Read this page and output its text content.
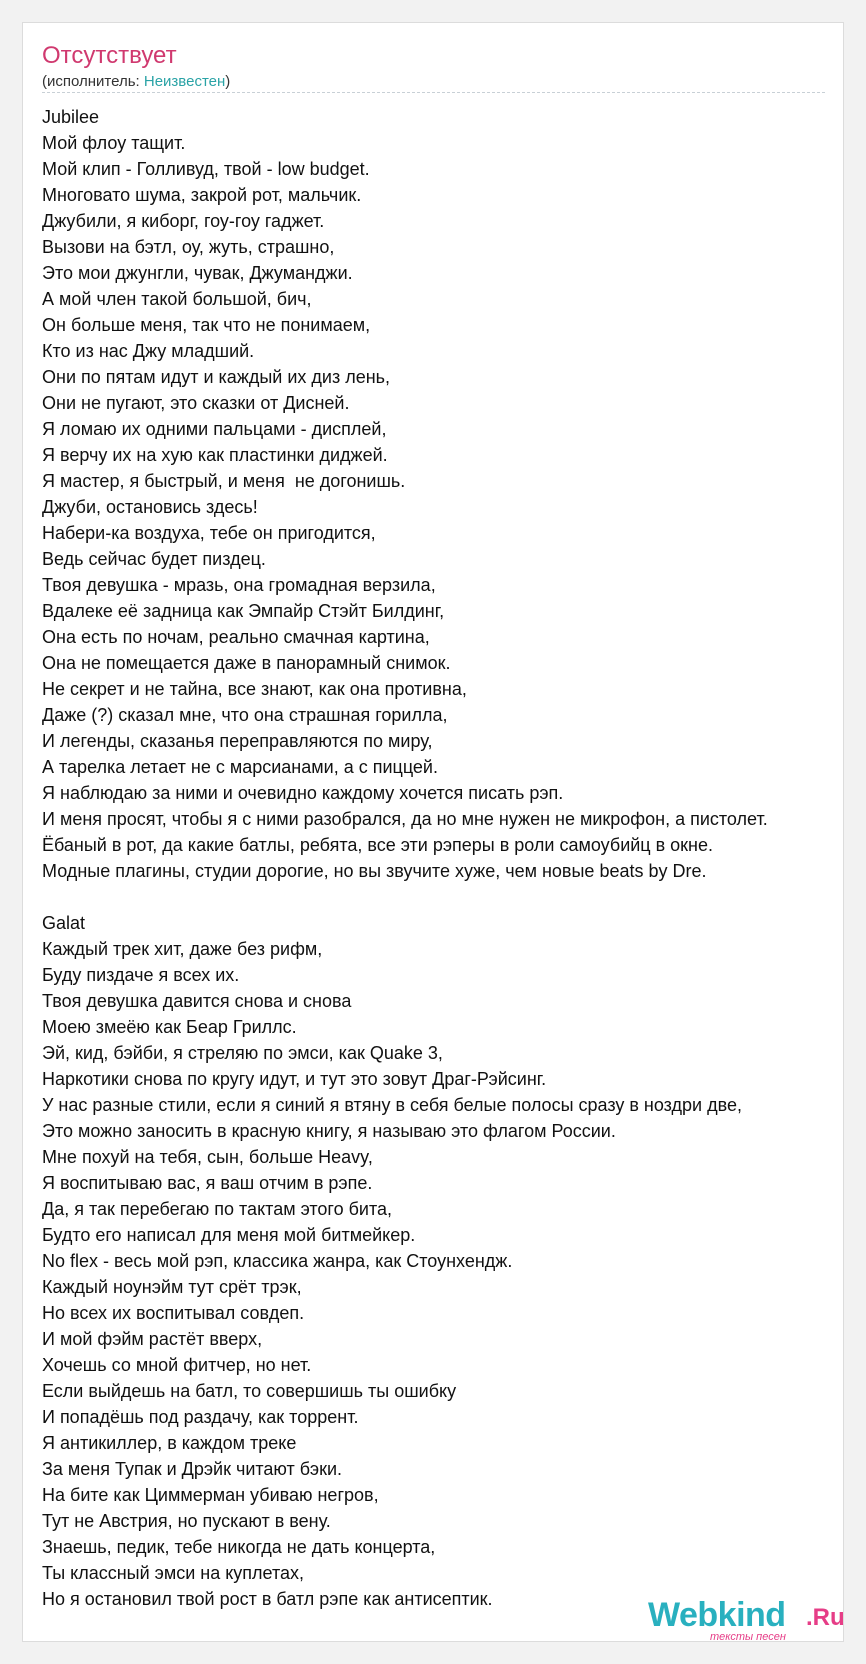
Отсутствует
(исполнитель: Неизвестен)
Jubilee
Мой флоу тащит.
Мой клип - Голливуд, твой - low budget.
Многовато шума, закрой рот, мальчик.
Джубили, я киборг, гоу-гоу гаджет.
Вызови на бэтл, оу, жуть, страшно,
Это мои джунгли, чувак, Джуманджи.
А мой член такой большой, бич,
Он больше меня, так что не понимаем,
Кто из нас Джу младший.
Они по пятам идут и каждый их диз лень,
Они не пугают, это сказки от Дисней.
Я ломаю их одними пальцами - дисплей,
Я верчу их на хую как пластинки диджей.
Я мастер, я быстрый, и меня  не догонишь.
Джуби, остановись здесь!
Набери-ка воздуха, тебе он пригодится,
Ведь сейчас будет пиздец.
Твоя девушка - мразь, она громадная верзила,
Вдалеке её задница как Эмпайр Стэйт Билдинг,
Она есть по ночам, реально смачная картина,
Она не помещается даже в панорамный снимок.
Не секрет и не тайна, все знают, как она противна,
Даже (?) сказал мне, что она страшная горилла,
И легенды, сказанья переправляются по миру,
А тарелка летает не с марсианами, а с пиццей.
Я наблюдаю за ними и очевидно каждому хочется писать рэп.
И меня просят, чтобы я с ними разобрался, да но мне нужен не микрофон, а пистолет.
Ёбаный в рот, да какие батлы, ребята, все эти рэперы в роли самоубийц в окне.
Модные плагины, студии дорогие, но вы звучите хуже, чем новые beats by Dre.
Galat
Каждый трек хит, даже без рифм,
Буду пиздаче я всех их.
Твоя девушка давится снова и снова
Моею змеёю как Беар Гриллс.
Эй, кид, бэйби, я стреляю по эмси, как Quake 3,
Наркотики снова по кругу идут, и тут это зовут Драг-Рэйсинг.
У нас разные стили, если я синий я втяну в себя белые полосы сразу в ноздри две,
Это можно заносить в красную книгу, я называю это флагом России.
Мне похуй на тебя, сын, больше Heavy,
Я воспитываю вас, я ваш отчим в рэпе.
Да, я так перебегаю по тактам этого бита,
Будто его написал для меня мой битмейкер.
No flex - весь мой рэп, классика жанра, как Стоунхендж.
Каждый ноунэйм тут срёт трэк,
Но всех их воспитывал совдеп.
И мой фэйм растёт вверх,
Хочешь со мной фитчер, но нет.
Если выйдешь на батл, то совершишь ты ошибку
И попадёшь под раздачу, как торрент.
Я антикиллер, в каждом треке
За меня Тупак и Дрэйк читают бэки.
На бите как Циммерман убиваю негров,
Тут не Австрия, но пускают в вену.
Знаешь, педик, тебе никогда не дать концерта,
Ты классный эмси на куплетах,
Но я остановил твой рост в батл рэпе как антисептик.	Webkind .Ru
тексты песен
